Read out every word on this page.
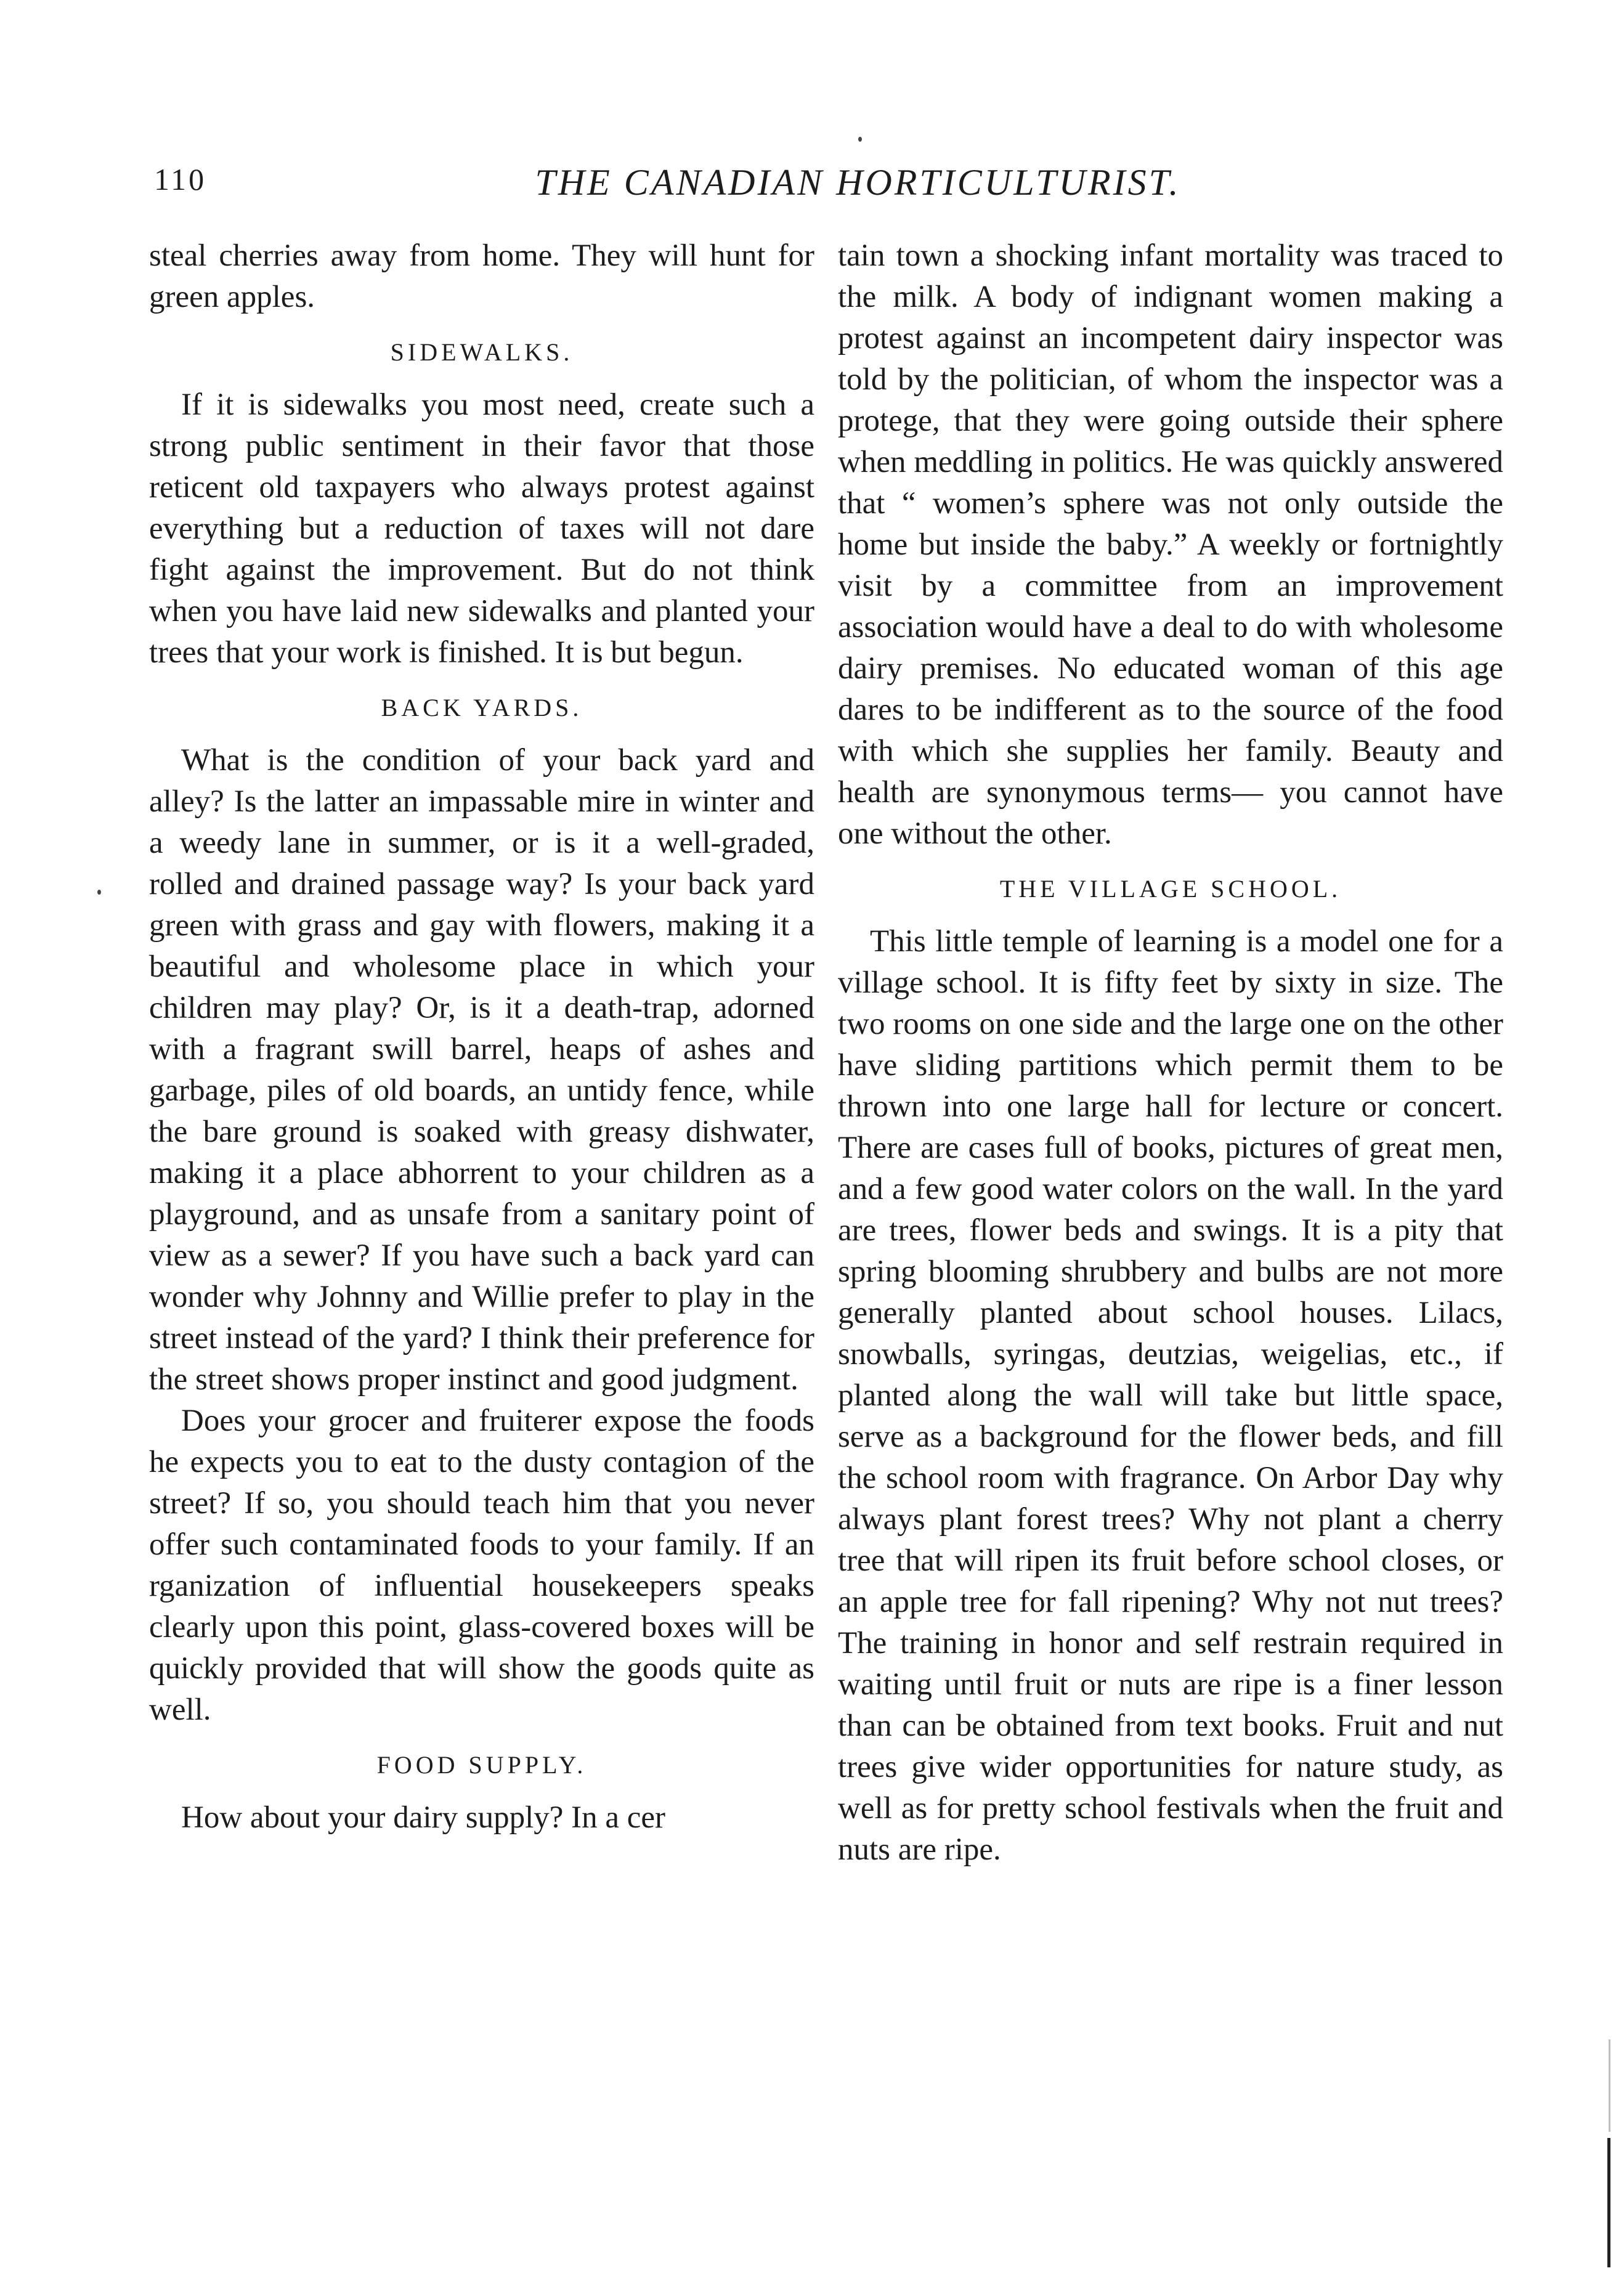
110	THE CANADIAN HORTICULTURIST.

steal cherries away from home. They will hunt for green apples.

SIDEWALKS.

If it is sidewalks you most need, create such a strong public sentiment in their favor that those reticent old taxpayers who always protest against everything but a reduction of taxes will not dare fight against the improvement. But do not think when you have laid new sidewalks and planted your trees that your work is finished. It is but begun.

BACK YARDS.

What is the condition of your back yard and alley? Is the latter an impassable mire in winter and a weedy lane in summer, or is it a well-graded, rolled and drained passage way? Is your back yard green with grass and gay with flowers, making it a beautiful and wholesome place in which your children may play? Or, is it a death-trap, adorned with a fragrant swill barrel, heaps of ashes and garbage, piles of old boards, an untidy fence, while the bare ground is soaked with greasy dishwater, making it a place abhorrent to your children as a playground, and as unsafe from a sanitary point of view as a sewer? If you have such a back yard can wonder why Johnny and Willie prefer to play in the street instead of the yard? I think their preference for the street shows proper instinct and good judgment.

Does your grocer and fruiterer expose the foods he expects you to eat to the dusty contagion of the street? If so, you should teach him that you never offer such contaminated foods to your family. If an rganization of influential housekeepers speaks clearly upon this point, glass-covered boxes will be quickly provided that will show the goods quite as well.

FOOD SUPPLY.

How about your dairy supply? In a cer

tain town a shocking infant mortality was traced to the milk. A body of indignant women making a protest against an incompetent dairy inspector was told by the politician, of whom the inspector was a protege, that they were going outside their sphere when meddling in politics. He was quickly answered that “ women’s sphere was not only outside the home but inside the baby.” A weekly or fortnightly visit by a committee from an improvement association would have a deal to do with wholesome dairy premises. No educated woman of this age dares to be indifferent as to the source of the food with which she supplies her family. Beauty and health are synonymous terms— you cannot have one without the other.

THE VILLAGE SCHOOL.

This little temple of learning is a model one for a village school. It is fifty feet by sixty in size. The two rooms on one side and the large one on the other have sliding partitions which permit them to be thrown into one large hall for lecture or concert. There are cases full of books, pictures of great men, and a few good water colors on the wall. In the yard are trees, flower beds and swings. It is a pity that spring blooming shrubbery and bulbs are not more generally planted about school houses. Lilacs, snowballs, syringas, deutzias, weigelias, etc., if planted along the wall will take but little space, serve as a background for the flower beds, and fill the school room with fragrance. On Arbor Day why always plant forest trees? Why not plant a cherry tree that will ripen its fruit before school closes, or an apple tree for fall ripening? Why not nut trees? The training in honor and self restrain required in waiting until fruit or nuts are ripe is a finer lesson than can be obtained from text books. Fruit and nut trees give wider opportunities for nature study, as well as for pretty school festivals when the fruit and nuts are ripe.
